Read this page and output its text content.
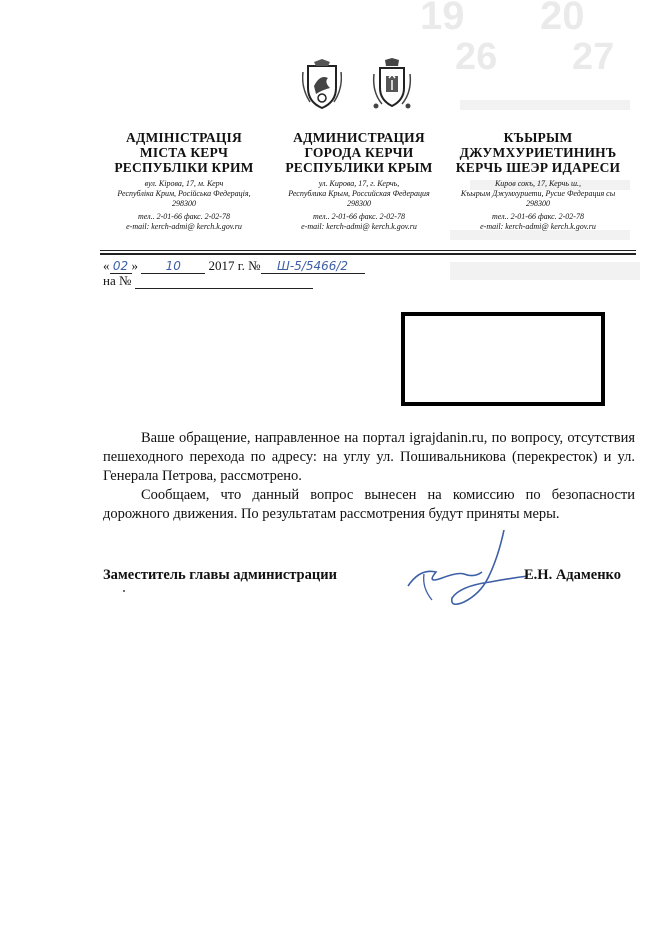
19 20
26 27
АДМІНІСТРАЦІЯ
МІСТА КЕРЧ
РЕСПУБЛІКИ КРИМ
вул. Кірова, 17, м. Керч
Республіка Крим, Російська Федерація,
298300
тел.. 2-01-66 факс. 2-02-78
e-mail: kerch-admi@ kerch.k.gov.ru
АДМИНИСТРАЦИЯ
ГОРОДА КЕРЧИ
РЕСПУБЛИКИ КРЫМ
ул. Кирова, 17, г. Керчь,
Республика Крым, Российская Федерация
298300
тел.. 2-01-66 факс. 2-02-78
e-mail: kerch-admi@ kerch.k.gov.ru
КЪЫРЫМ
ДЖУМХУРИЕТИНИНЪ
КЕРЧЬ ШЕЭР ИДАРЕСИ
Киров сокъ, 17, Керчь ш.,
Къырым Джумхуриети, Русие Федерация сы
298300
тел.. 2-01-66 факс. 2-02-78
e-mail: kerch-admi@ kerch.k.gov.ru
« 02 » 10 2017 г. № Ш-5/5466/2
на №

Ваше обращение, направленное на портал igrajdanin.ru, по вопросу, отсутствия пешеходного перехода по адресу: на углу ул. Пошивальникова (перекресток) и ул. Генерала Петрова, рассмотрено.

Сообщаем, что данный вопрос вынесен на комиссию по безопасности дорожного движения. По результатам рассмотрения будут приняты меры.

Заместитель главы администрации	Е.Н. Адаменко
